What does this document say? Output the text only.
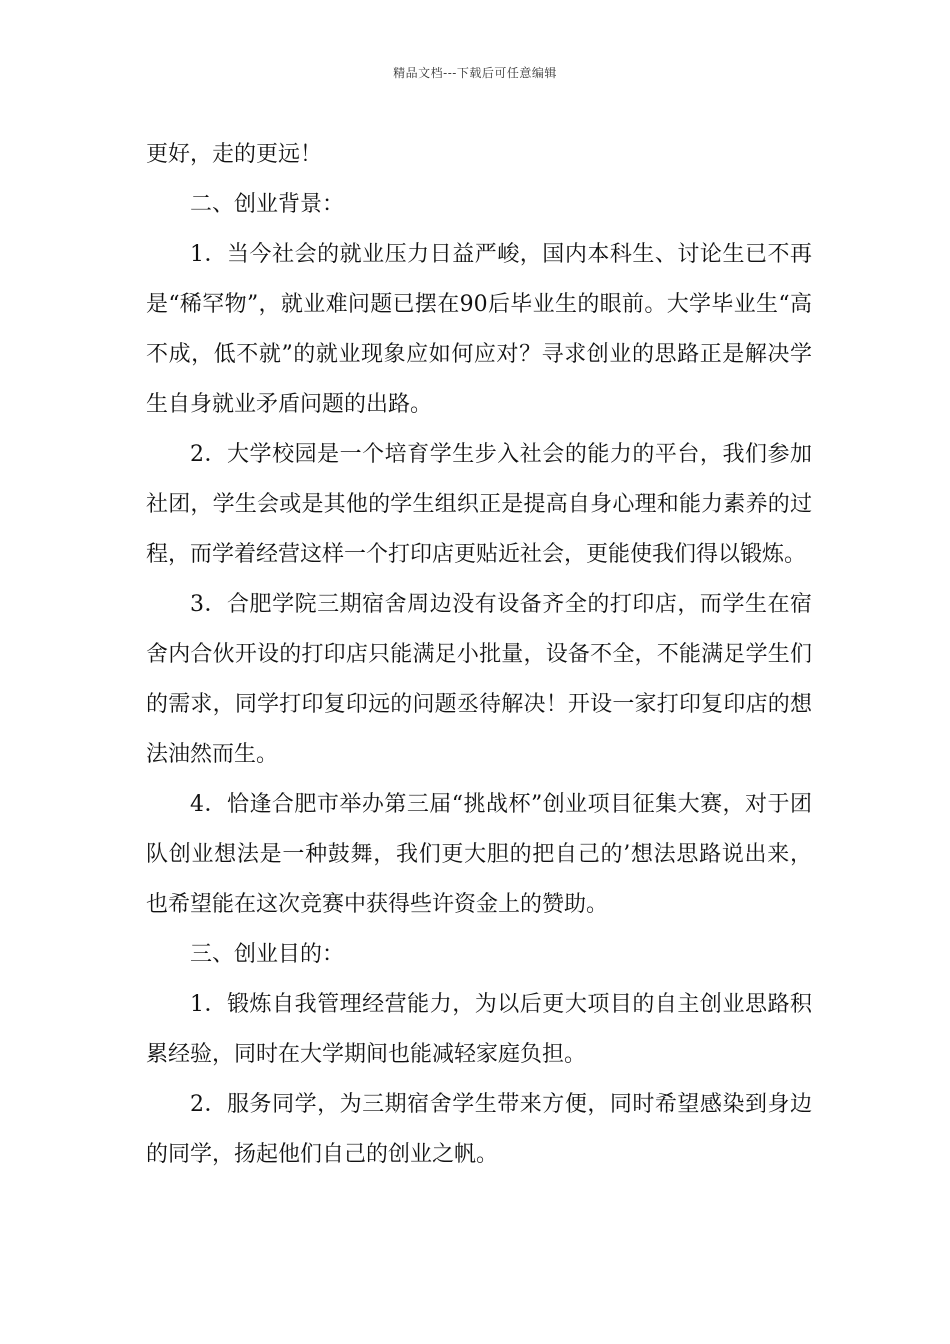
精品文档---下载后可任意编辑

更好，走的更远！

二、创业背景：

1．当今社会的就业压力日益严峻，国内本科生、讨论生已不再是“稀罕物”，就业难问题已摆在90后毕业生的眼前。大学毕业生“高不成，低不就”的就业现象应如何应对？寻求创业的思路正是解决学生自身就业矛盾问题的出路。

2．大学校园是一个培育学生步入社会的能力的平台，我们参加社团，学生会或是其他的学生组织正是提高自身心理和能力素养的过程，而学着经营这样一个打印店更贴近社会，更能使我们得以锻炼。

3．合肥学院三期宿舍周边没有设备齐全的打印店，而学生在宿舍内合伙开设的打印店只能满足小批量，设备不全，不能满足学生们的需求，同学打印复印远的问题丞待解决！开设一家打印复印店的想法油然而生。

4．恰逢合肥市举办第三届“挑战杯”创业项目征集大赛，对于团队创业想法是一种鼓舞，我们更大胆的把自己的’想法思路说出来，也希望能在这次竞赛中获得些许资金上的赞助。

三、创业目的：

1．锻炼自我管理经营能力，为以后更大项目的自主创业思路积累经验，同时在大学期间也能减轻家庭负担。

2．服务同学，为三期宿舍学生带来方便，同时希望感染到身边的同学，扬起他们自己的创业之帆。
